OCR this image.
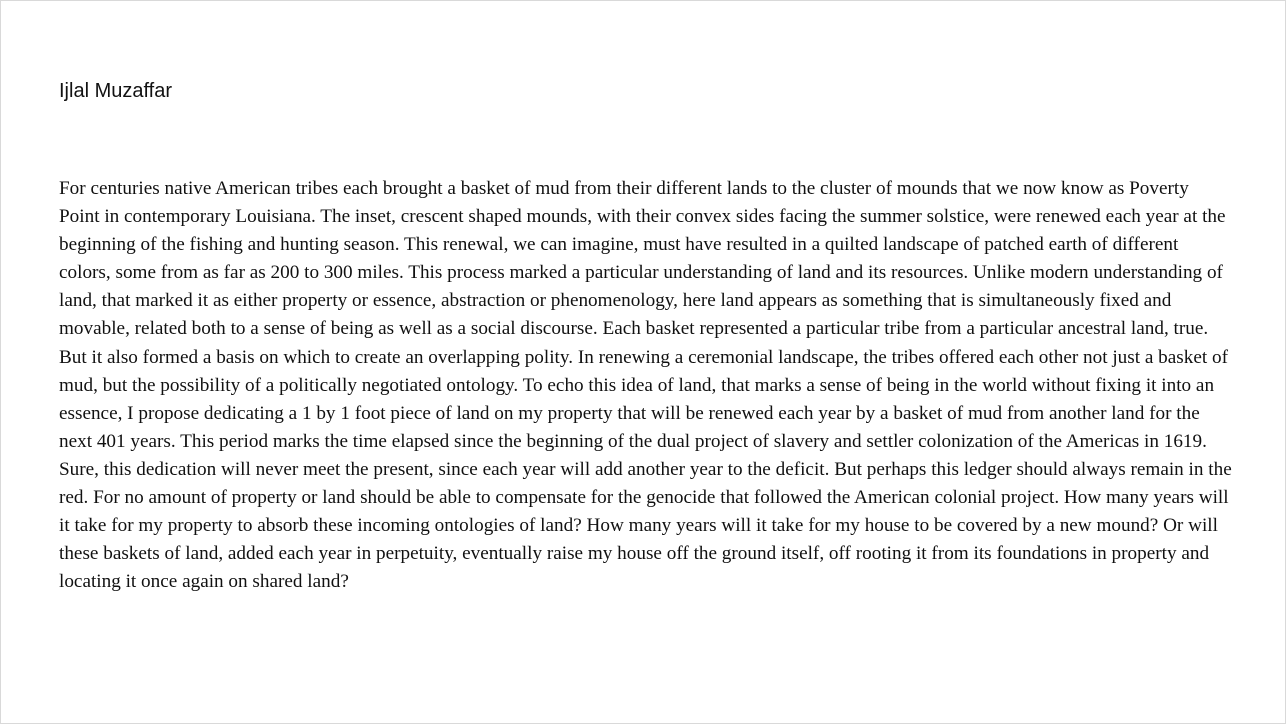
Ijlal Muzaffar

For centuries native American tribes each brought a basket of mud from their different lands to the cluster of mounds that we now know as Poverty Point in contemporary Louisiana. The inset, crescent shaped mounds, with their convex sides facing the summer solstice, were renewed each year at the beginning of the fishing and hunting season. This renewal, we can imagine, must have resulted in a quilted landscape of patched earth of different colors, some from as far as 200 to 300 miles. This process marked a particular understanding of land and its resources. Unlike modern understanding of land, that marked it as either property or essence, abstraction or phenomenology, here land appears as something that is simultaneously fixed and movable, related both to a sense of being as well as a social discourse. Each basket represented a particular tribe from a particular ancestral land, true. But it also formed a basis on which to create an overlapping polity. In renewing a ceremonial landscape, the tribes offered each other not just a basket of mud, but the possibility of a politically negotiated ontology. To echo this idea of land, that marks a sense of being in the world without fixing it into an essence, I propose dedicating a 1 by 1 foot piece of land on my property that will be renewed each year by a basket of mud from another land for the next 401 years. This period marks the time elapsed since the beginning of the dual project of slavery and settler colonization of the Americas in 1619. Sure, this dedication will never meet the present, since each year will add another year to the deficit. But perhaps this ledger should always remain in the red. For no amount of property or land should be able to compensate for the genocide that followed the American colonial project. How many years will it take for my property to absorb these incoming ontologies of land? How many years will it take for my house to be covered by a new mound? Or will these baskets of land, added each year in perpetuity, eventually raise my house off the ground itself, off rooting it from its foundations in property and locating it once again on shared land?
